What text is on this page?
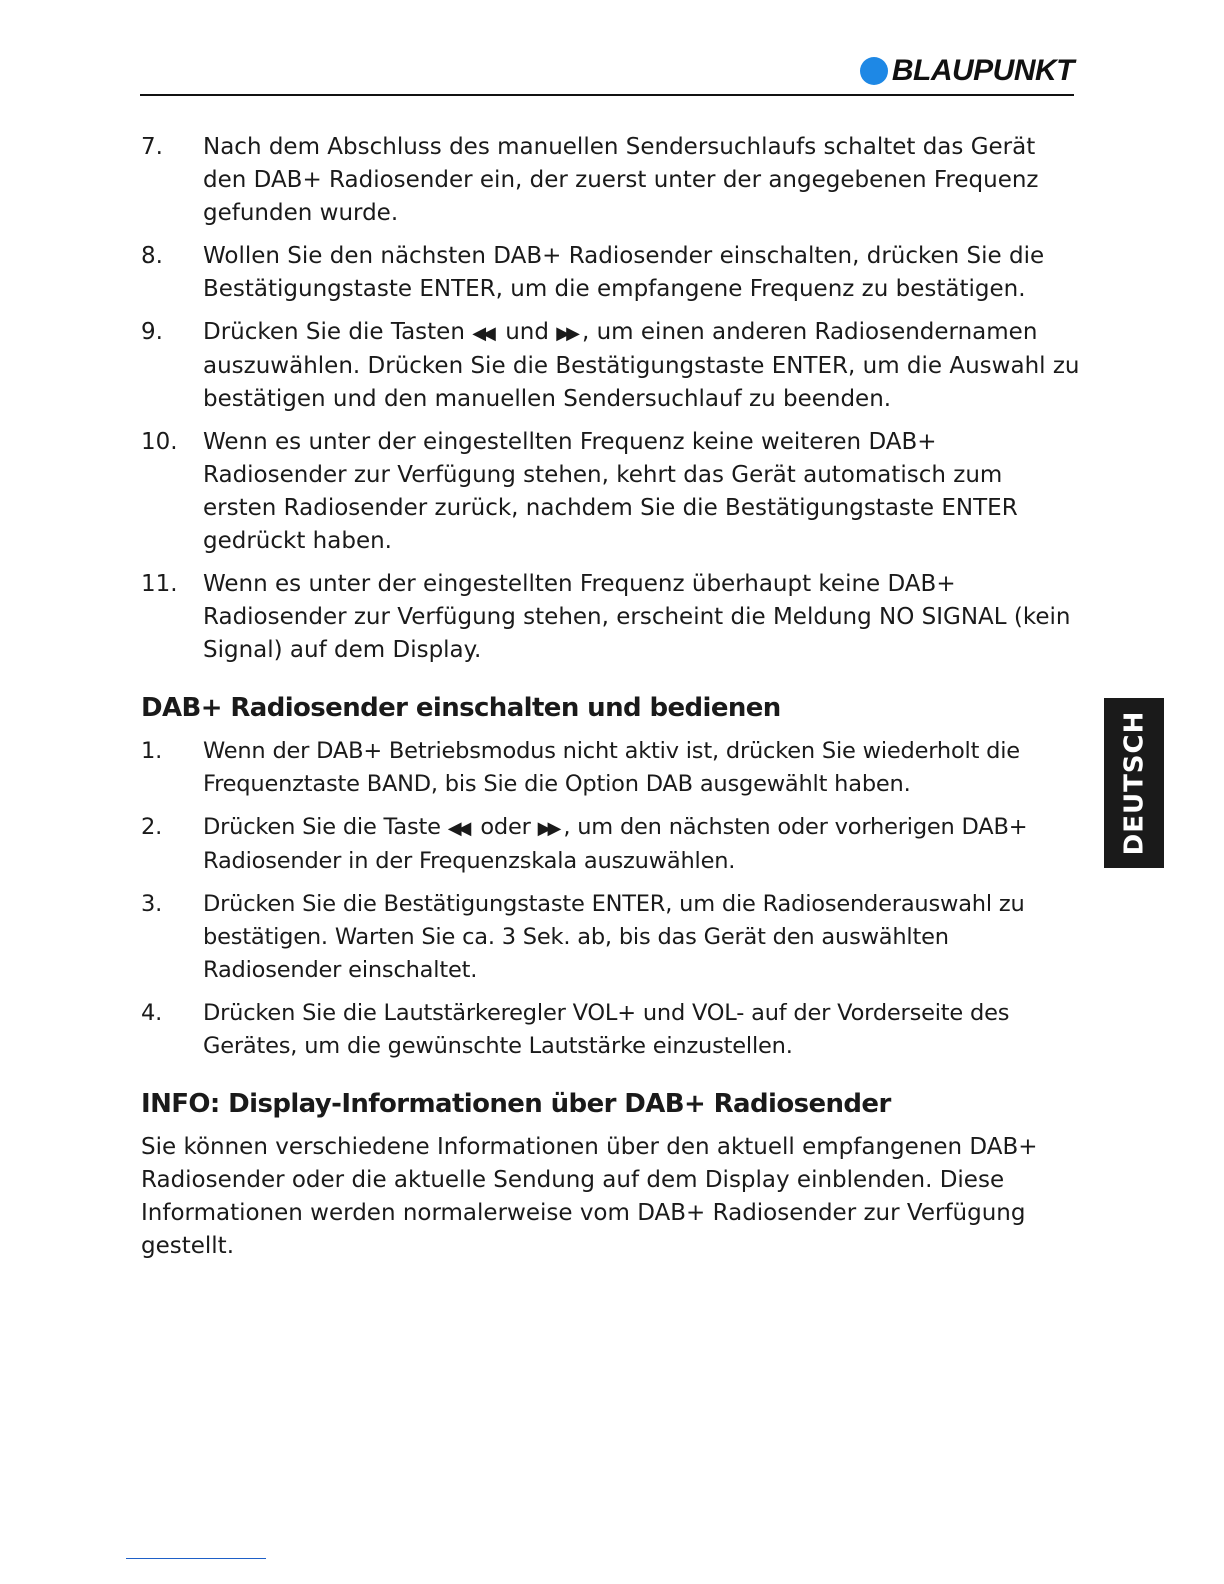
BLAUPUNKT
DEUTSCH
7.	Nach dem Abschluss des manuellen Sendersuchlaufs schaltet das Gerät den DAB+ Radiosender ein, der zuerst unter der angegebenen Frequenz gefunden wurde.
8.	Wollen Sie den nächsten DAB+ Radiosender einschalten, drücken Sie die Bestätigungstaste ENTER, um die empfangene Frequenz zu bestätigen.
9.	Drücken Sie die Tasten ◀◀ und ▶▶ , um einen anderen Radiosendernamen auszuwählen. Drücken Sie die Bestätigungstaste ENTER, um die Auswahl zu bestätigen und den manuellen Sendersuchlauf zu beenden.
10.	Wenn es unter der eingestellten Frequenz keine weiteren DAB+ Radiosender zur Verfügung stehen, kehrt das Gerät automatisch zum ersten Radiosender zurück, nachdem Sie die Bestätigungstaste ENTER gedrückt haben.
11.	Wenn es unter der eingestellten Frequenz überhaupt keine DAB+ Radiosender zur Verfügung stehen, erscheint die Meldung NO SIGNAL (kein Signal) auf dem Display.
DAB+ Radiosender einschalten und bedienen
1.	Wenn der DAB+ Betriebsmodus nicht aktiv ist, drücken Sie wiederholt die Frequenztaste BAND, bis Sie die Option DAB ausgewählt haben.
2.	Drücken Sie die Taste ◀◀ oder ▶▶ , um den nächsten oder vorherigen DAB+ Radiosender in der Frequenzskala auszuwählen.
3.	Drücken Sie die Bestätigungstaste ENTER, um die Radiosenderauswahl zu bestätigen. Warten Sie ca. 3 Sek. ab, bis das Gerät den auswählten Radiosender einschaltet.
4.	Drücken Sie die Lautstärkeregler VOL+ und VOL- auf der Vorderseite des Gerätes, um die gewünschte Lautstärke einzustellen.
INFO: Display-Informationen über DAB+ Radiosender

Sie können verschiedene Informationen über den aktuell empfangenen DAB+ Radiosender oder die aktuelle Sendung auf dem Display einblenden. Diese Informationen werden normalerweise vom DAB+ Radiosender zur Verfügung gestellt.
